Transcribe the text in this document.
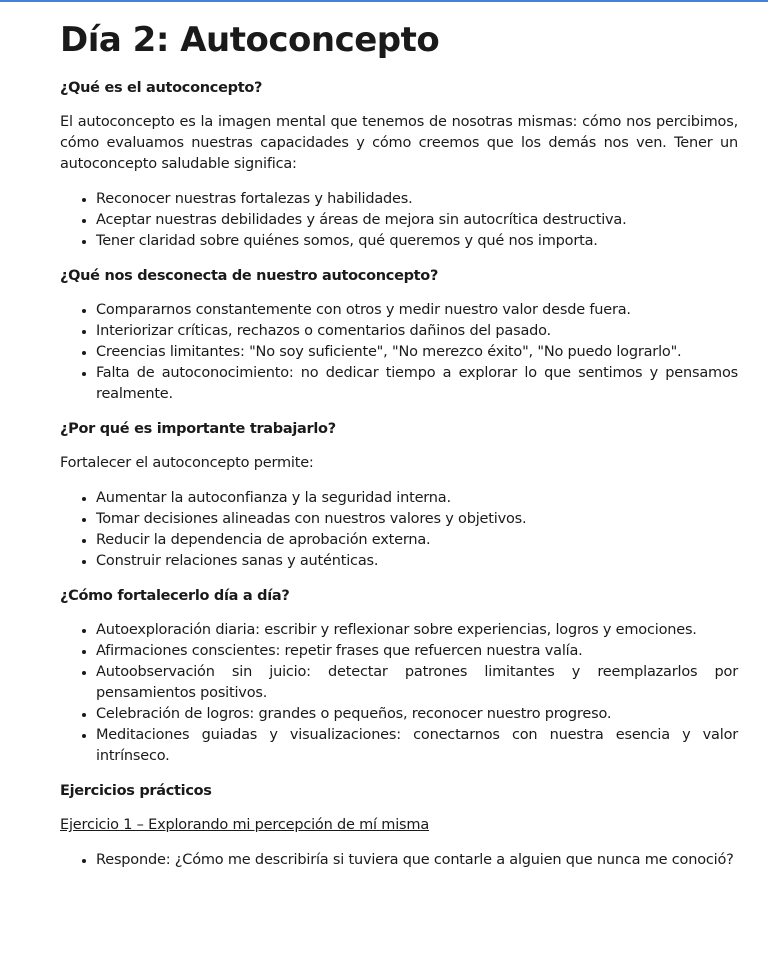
Día 2: Autoconcepto
¿Qué es el autoconcepto?

El autoconcepto es la imagen mental que tenemos de nosotras mismas: cómo nos percibimos, cómo evaluamos nuestras capacidades y cómo creemos que los demás nos ven. Tener un autoconcepto saludable significa:

• Reconocer nuestras fortalezas y habilidades.
• Aceptar nuestras debilidades y áreas de mejora sin autocrítica destructiva.
• Tener claridad sobre quiénes somos, qué queremos y qué nos importa.
¿Qué nos desconecta de nuestro autoconcepto?
• Compararnos constantemente con otros y medir nuestro valor desde fuera.
• Interiorizar críticas, rechazos o comentarios dañinos del pasado.
• Creencias limitantes: "No soy suficiente", "No merezco éxito", "No puedo lograrlo".
• Falta de autoconocimiento: no dedicar tiempo a explorar lo que sentimos y pensamos realmente.
¿Por qué es importante trabajarlo?

Fortalecer el autoconcepto permite:

• Aumentar la autoconfianza y la seguridad interna.
• Tomar decisiones alineadas con nuestros valores y objetivos.
• Reducir la dependencia de aprobación externa.
• Construir relaciones sanas y auténticas.
¿Cómo fortalecerlo día a día?
• Autoexploración diaria: escribir y reflexionar sobre experiencias, logros y emociones.
• Afirmaciones conscientes: repetir frases que refuercen nuestra valía.
• Autoobservación sin juicio: detectar patrones limitantes y reemplazarlos por pensamientos positivos.
• Celebración de logros: grandes o pequeños, reconocer nuestro progreso.
• Meditaciones guiadas y visualizaciones: conectarnos con nuestra esencia y valor intrínseco.
Ejercicios prácticos

Ejercicio 1 – Explorando mi percepción de mí misma

• Responde: ¿Cómo me describiría si tuviera que contarle a alguien que nunca me conoció?
